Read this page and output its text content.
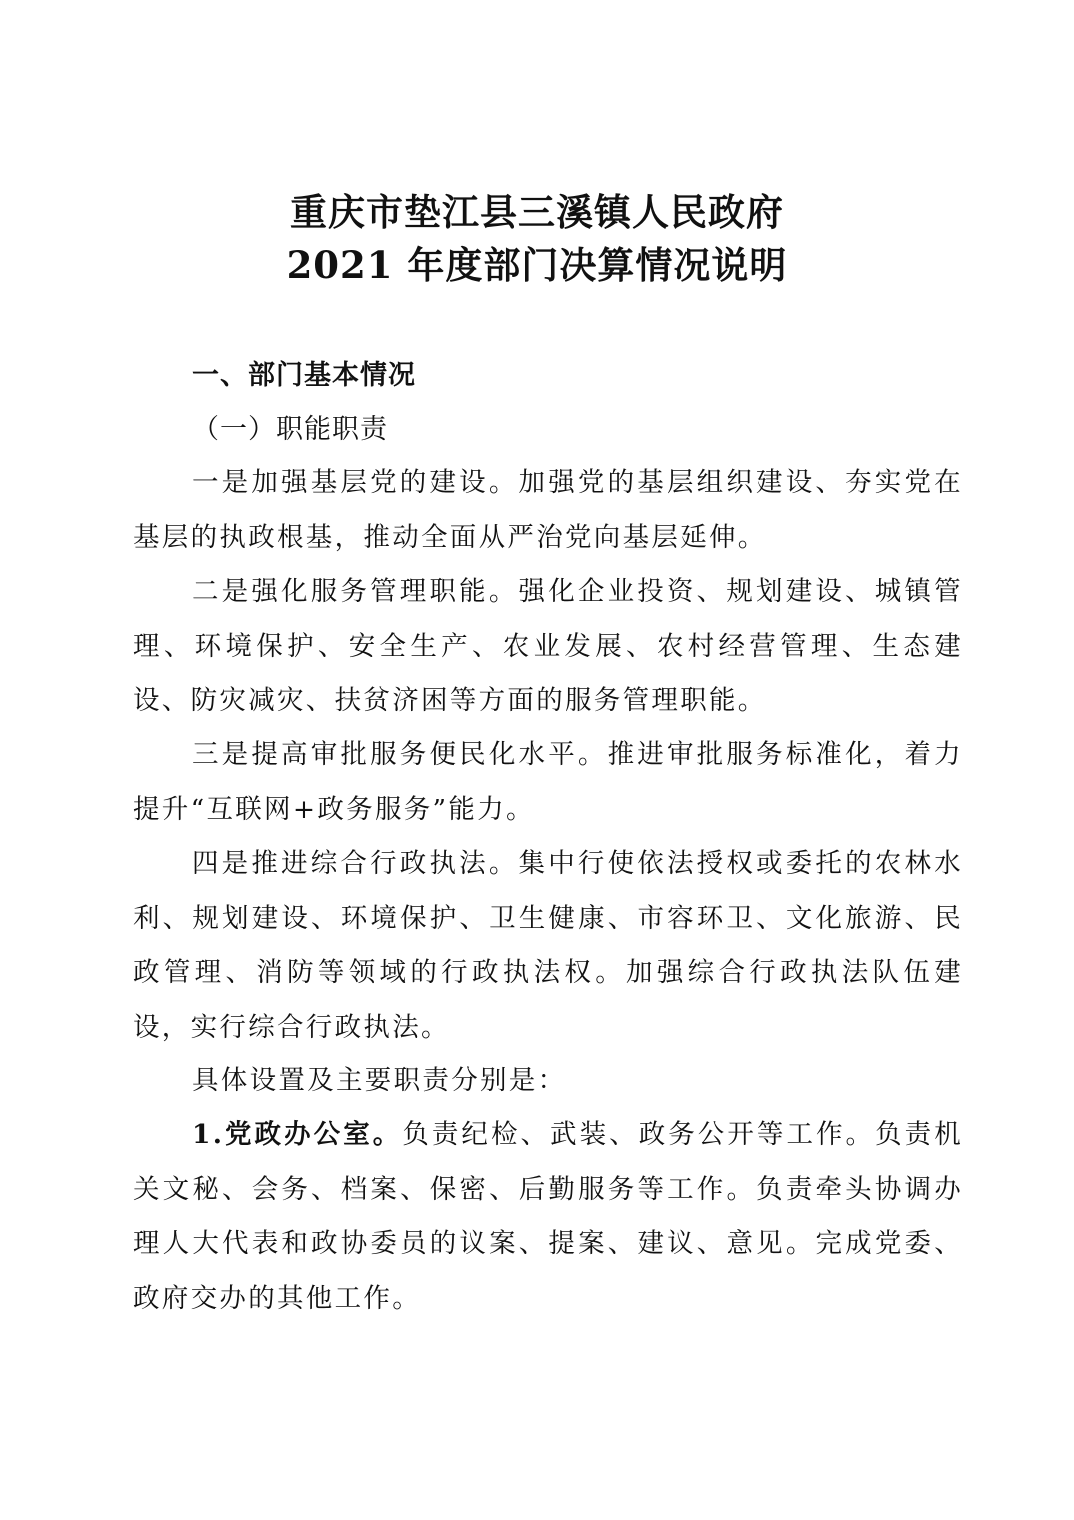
重庆市垫江县三溪镇人民政府
2021 年度部门决算情况说明
一、部门基本情况
（一）职能职责

一是加强基层党的建设。加强党的基层组织建设、夯实党在基层的执政根基，推动全面从严治党向基层延伸。

二是强化服务管理职能。强化企业投资、规划建设、城镇管理、环境保护、安全生产、农业发展、农村经营管理、生态建设、防灾减灾、扶贫济困等方面的服务管理职能。

三是提高审批服务便民化水平。推进审批服务标准化，着力提升“互联网+政务服务”能力。

四是推进综合行政执法。集中行使依法授权或委托的农林水利、规划建设、环境保护、卫生健康、市容环卫、文化旅游、民政管理、消防等领域的行政执法权。加强综合行政执法队伍建设，实行综合行政执法。

具体设置及主要职责分别是：

1.党政办公室。负责纪检、武装、政务公开等工作。负责机关文秘、会务、档案、保密、后勤服务等工作。负责牵头协调办理人大代表和政协委员的议案、提案、建议、意见。完成党委、政府交办的其他工作。
